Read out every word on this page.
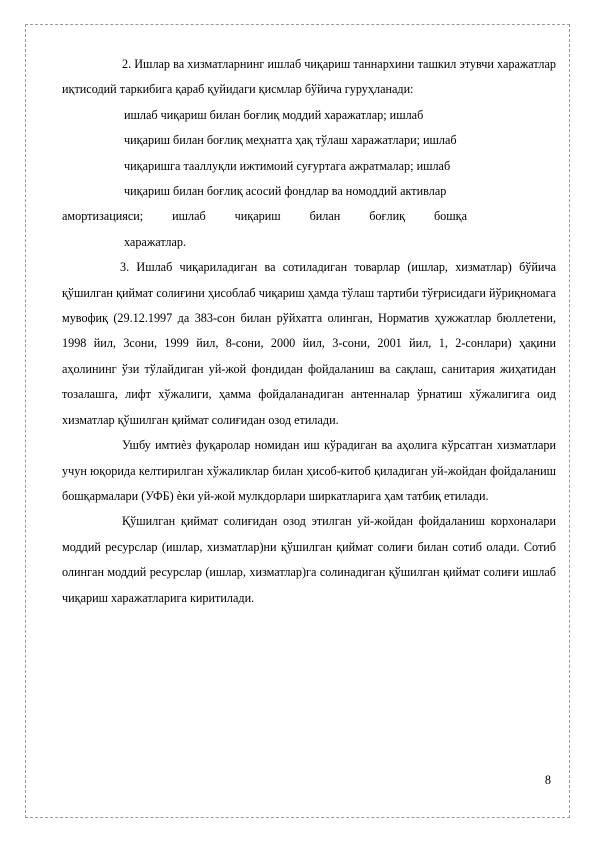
2. Ишлар ва хизматларнинг ишлаб чиқариш таннархини ташкил этувчи харажатлар иқтисодий таркибига қараб қуйидаги қисмлар бўйича гуруҳланади:

ишлаб чиқариш билан боғлиқ моддий харажатлар; ишлаб

чиқариш билан боғлиқ меҳнатга ҳақ тўлаш харажатлари; ишлаб

чиқаришга тааллуқли ижтимоий суғуртага ажратмалар; ишлаб

чиқариш билан боғлиқ асосий фондлар ва номоддий активлар

амортизацияси; ишлаб чиқариш билан боғлиқ бошқа

харажатлар.

3. Ишлаб чиқариладиган ва сотиладиган товарлар (ишлар, хизматлар) бўйича қўшилган қиймат солиғини ҳисоблаб чиқариш ҳамда тўлаш тартиби тўғрисидаги йўриқномага мувофиқ (29.12.1997 да 383-сон билан рўйхатга олинган, Норматив ҳужжатлар бюллетени, 1998 йил, 3сони, 1999 йил, 8-сони, 2000 йил, 3-сони, 2001 йил, 1, 2-сонлари) ҳақини аҳолининг ўзи тўлайдиган уй-жой фондидан фойдаланиш ва сақлаш, санитария жиҳатидан тозалашга, лифт хўжалиги, ҳамма фойдаланадиган антенналар ўрнатиш хўжалигига оид хизматлар қўшилган қиймат солиғидан озод етилади.

Ушбу имтиѐз фуқаролар номидан иш кўрадиган ва аҳолига кўрсатган хизматлари учун юқорида келтирилган хўжаликлар билан ҳисоб-китоб қиладиган уй-жойдан фойдаланиш бошқармалари (УФБ) ѐки уй-жой мулкдорлари ширкатларига ҳам татбиқ етилади.

Қўшилган қиймат солиғидан озод этилган уй-жойдан фойдаланиш корхоналари моддий ресурслар (ишлар, хизматлар)ни қўшилган қиймат солиғи билан сотиб олади. Сотиб олинган моддий ресурслар (ишлар, хизматлар)га солинадиган қўшилган қиймат солиғи ишлаб чиқариш харажатларига киритилади.

8
